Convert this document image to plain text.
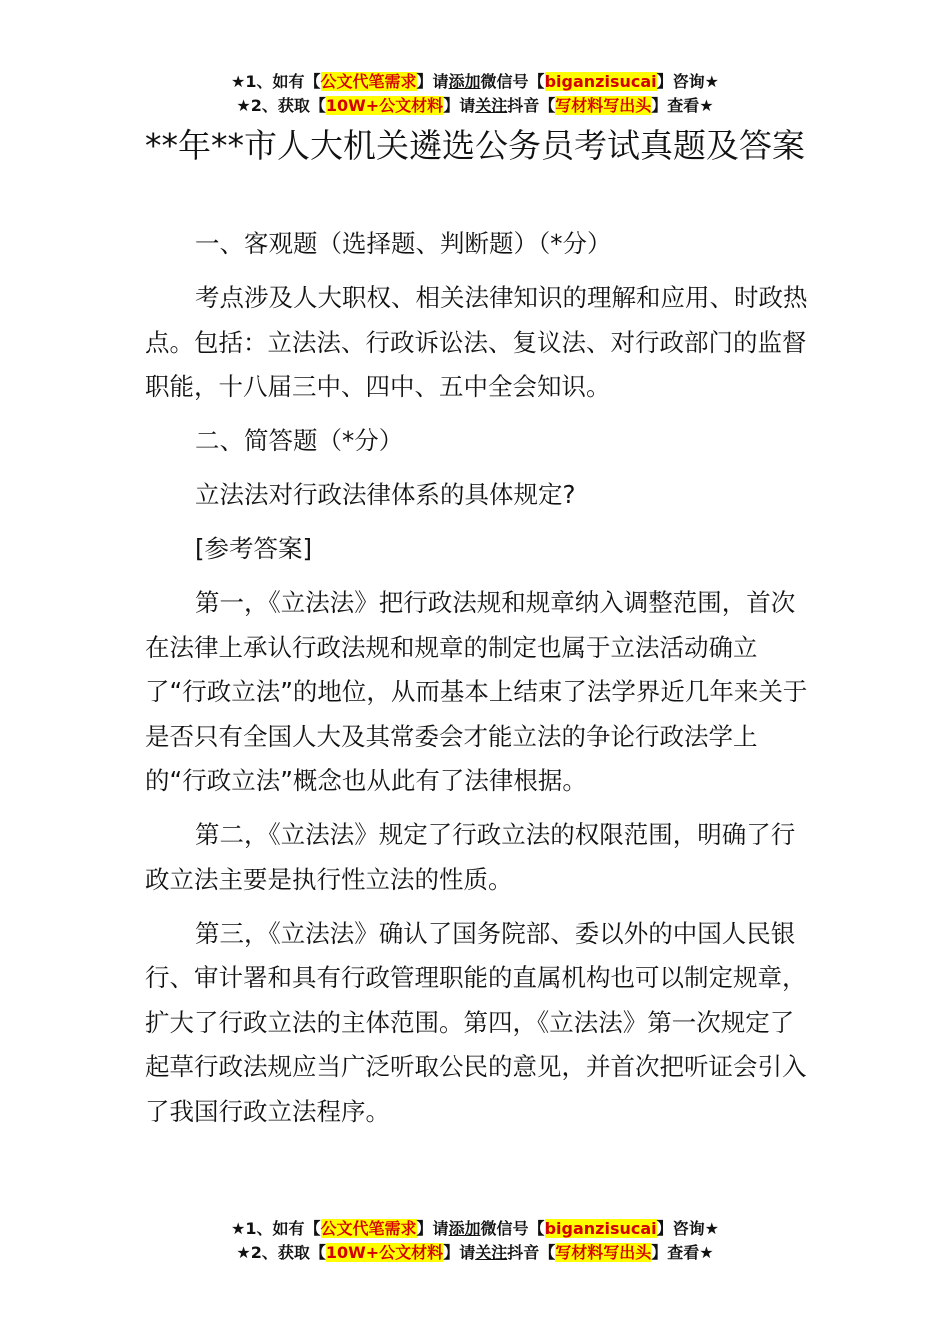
★1、如有【公文代笔需求】请添加微信号【biganzisucai】咨询★
★2、获取【10W+公文材料】请关注抖音【写材料写出头】查看★
**年**市人大机关遴选公务员考试真题及答案

一、客观题（选择题、判断题）（*分）

考点涉及人大职权、相关法律知识的理解和应用、时政热点。包括：立法法、行政诉讼法、复议法、对行政部门的监督职能，十八届三中、四中、五中全会知识。

二、简答题（*分）

立法法对行政法律体系的具体规定?

[参考答案]

第一，《立法法》把行政法规和规章纳入调整范围，首次在法律上承认行政法规和规章的制定也属于立法活动确立了“行政立法”的地位，从而基本上结束了法学界近几年来关于是否只有全国人大及其常委会才能立法的争论行政法学上的“行政立法”概念也从此有了法律根据。

第二，《立法法》规定了行政立法的权限范围，明确了行政立法主要是执行性立法的性质。

第三，《立法法》确认了国务院部、委以外的中国人民银行、审计署和具有行政管理职能的直属机构也可以制定规章，扩大了行政立法的主体范围。第四，《立法法》第一次规定了起草行政法规应当广泛听取公民的意见，并首次把听证会引入了我国行政立法程序。

★1、如有【公文代笔需求】请添加微信号【biganzisucai】咨询★
★2、获取【10W+公文材料】请关注抖音【写材料写出头】查看★
